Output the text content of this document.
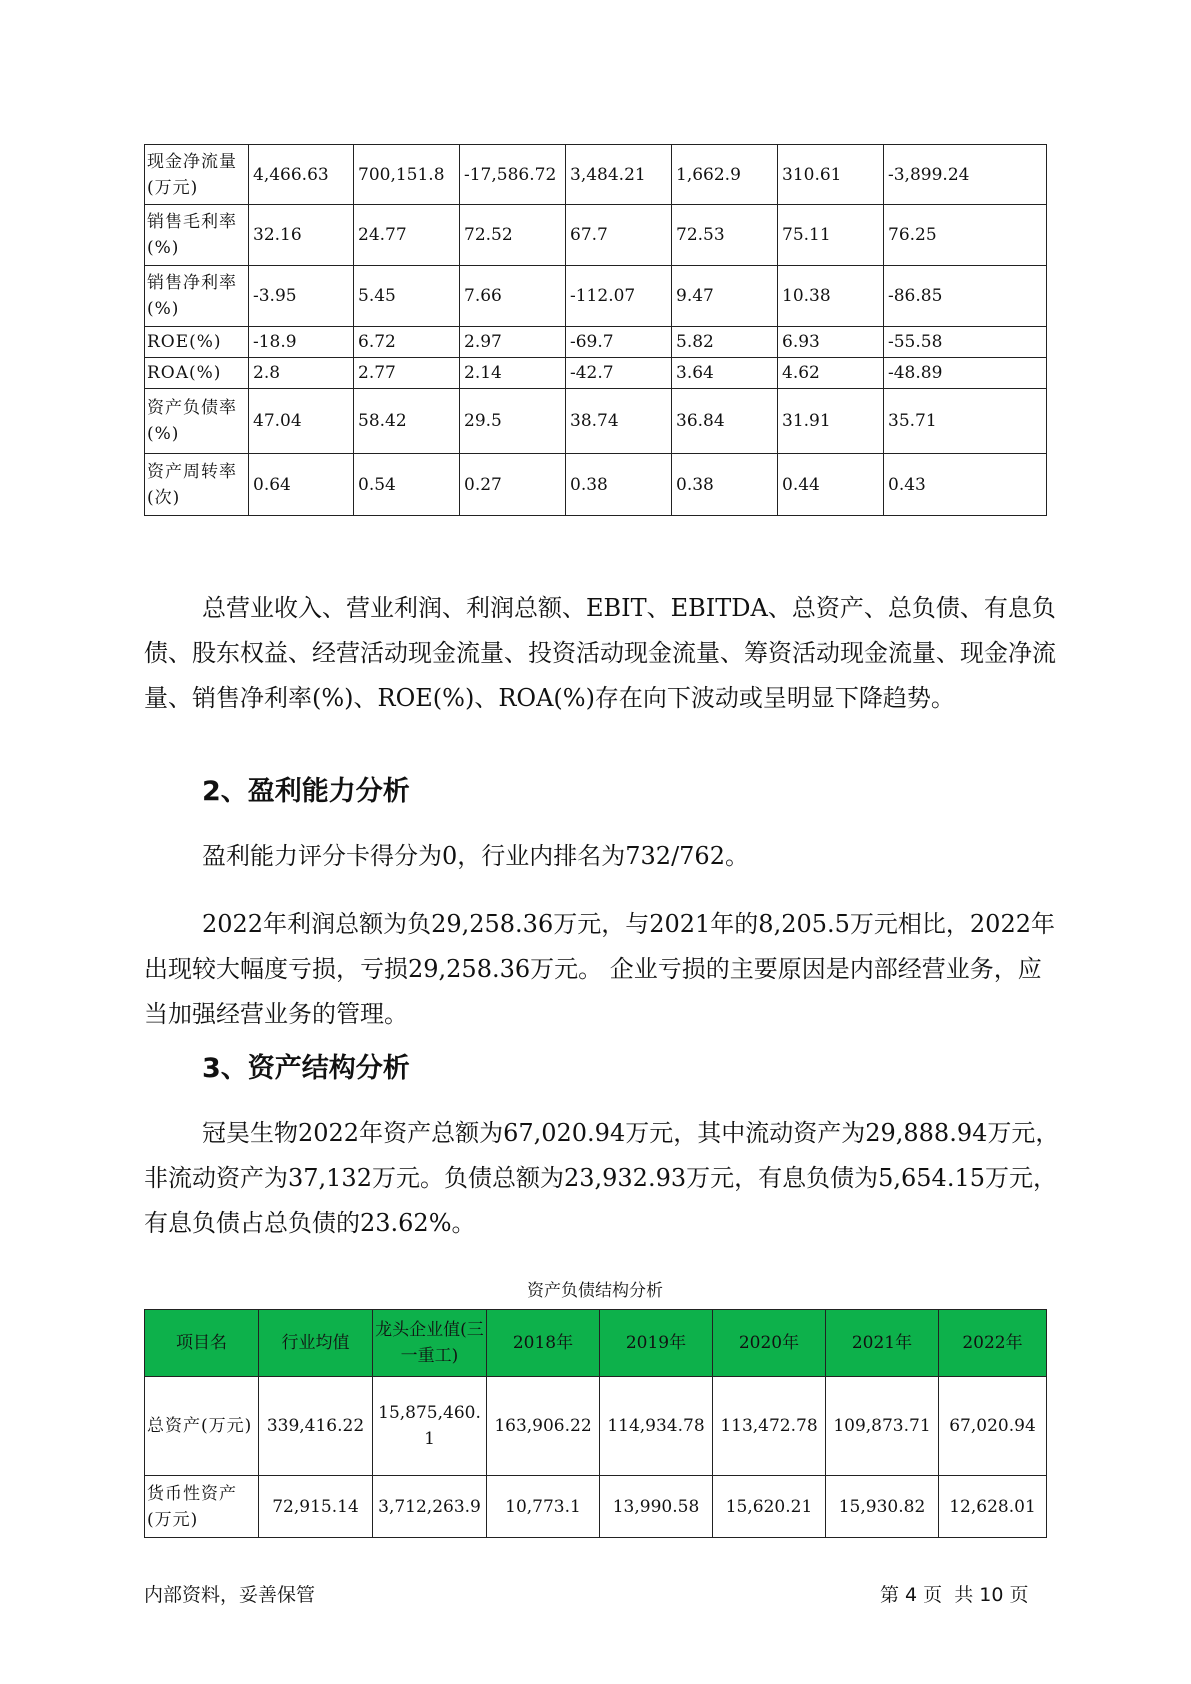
现金净流量(万元)	4,466.63	700,151.8	-17,586.72	3,484.21	1,662.9	310.61	-3,899.24
销售毛利率(%)	32.16	24.77	72.52	67.7	72.53	75.11	76.25
销售净利率(%)	-3.95	5.45	7.66	-112.07	9.47	10.38	-86.85
ROE(%)	-18.9	6.72	2.97	-69.7	5.82	6.93	-55.58
ROA(%)	2.8	2.77	2.14	-42.7	3.64	4.62	-48.89
资产负债率(%)	47.04	58.42	29.5	38.74	36.84	31.91	35.71
资产周转率(次)	0.64	0.54	0.27	0.38	0.38	0.44	0.43

总营业收入、营业利润、利润总额、EBIT、EBITDA、总资产、总负债、有息负债、股东权益、经营活动现金流量、投资活动现金流量、筹资活动现金流量、现金净流量、销售净利率(%)、ROE(%)、ROA(%)存在向下波动或呈明显下降趋势。

2、盈利能力分析

盈利能力评分卡得分为0，行业内排名为732/762。

2022年利润总额为负29,258.36万元，与2021年的8,205.5万元相比，2022年出现较大幅度亏损，亏损29,258.36万元。 企业亏损的主要原因是内部经营业务，应当加强经营业务的管理。

3、资产结构分析

冠昊生物2022年资产总额为67,020.94万元，其中流动资产为29,888.94万元，非流动资产为37,132万元。负债总额为23,932.93万元，有息负债为5,654.15万元，有息负债占总负债的23.62%。

资产负债结构分析

项目名	行业均值	龙头企业值(三一重工)	2018年	2019年	2020年	2021年	2022年
总资产(万元)	339,416.22	15,875,460.1	163,906.22	114,934.78	113,472.78	109,873.71	67,020.94
货币性资产(万元)	72,915.14	3,712,263.9	10,773.1	13,990.58	15,620.21	15,930.82	12,628.01

内部资料，妥善保管	第 4 页  共 10 页
